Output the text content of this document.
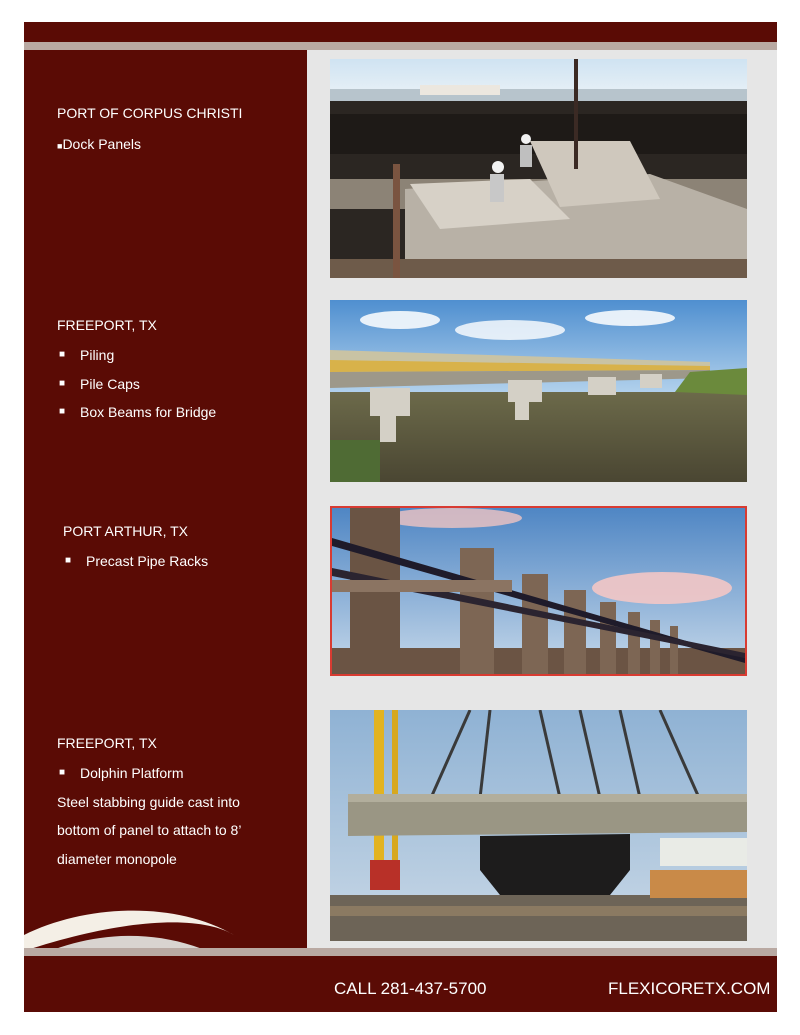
PORT OF CORPUS CHRISTI
■Dock Panels
FREEPORT, TX
■ Piling
■ Pile Caps
■ Box Beams for Bridge
PORT ARTHUR, TX
■ Precast Pipe Racks
FREEPORT, TX
■ Dolphin Platform
Steel stabbing guide cast into
bottom of panel to attach to 8’
diameter monopole
CALL 281-437-5700	FLEXICORETX.COM
